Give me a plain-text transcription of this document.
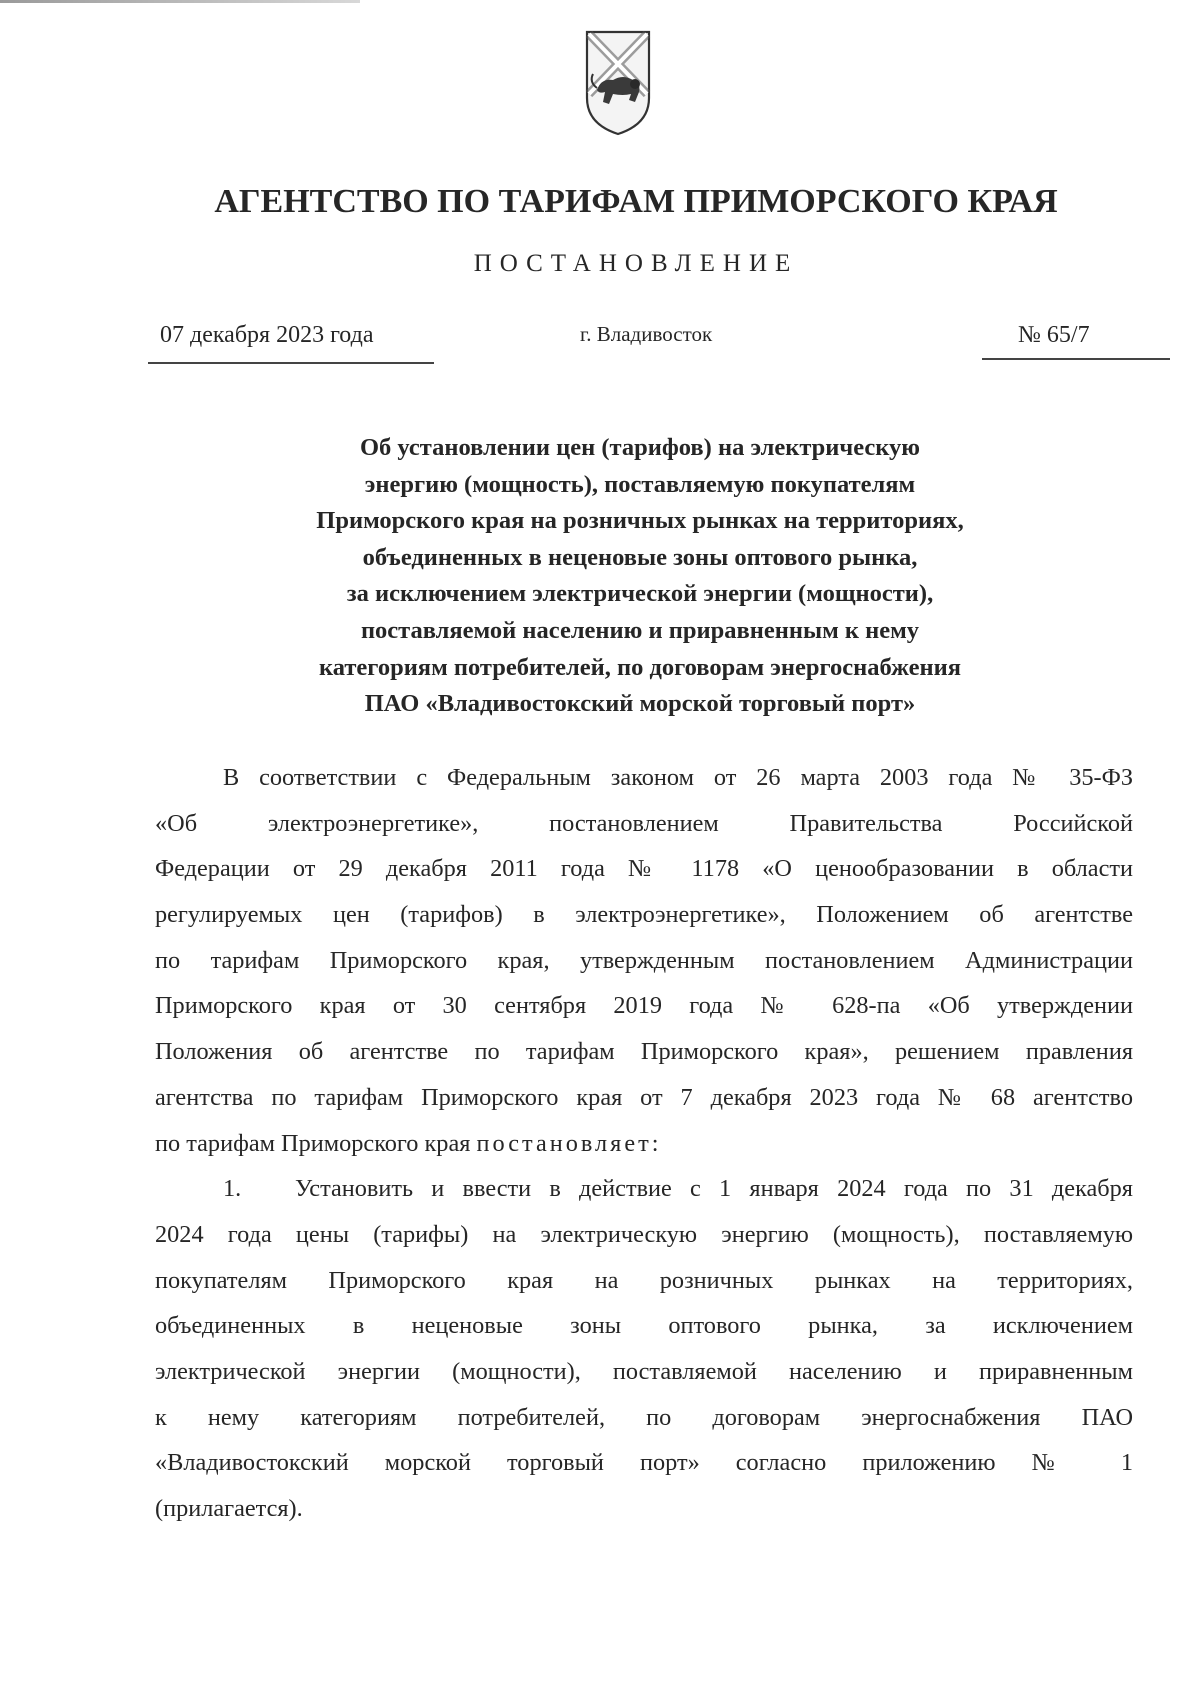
АГЕНТСТВО ПО ТАРИФАМ ПРИМОРСКОГО КРАЯ
ПОСТАНОВЛЕНИЕ
07 декабря 2023 года	г. Владивосток	№ 65/7
Об установлении цен (тарифов) на электрическую
энергию (мощность), поставляемую покупателям
Приморского края на розничных рынках на территориях,
объединенных в неценовые зоны оптового рынка,
за исключением электрической энергии (мощности),
поставляемой населению и приравненным к нему
категориям потребителей, по договорам энергоснабжения
ПАО «Владивостокский морской торговый порт»
В соответствии с Федеральным законом от 26 марта 2003 года № 35-ФЗ
«Об электроэнергетике», постановлением Правительства Российской
Федерации от 29 декабря 2011 года № 1178 «О ценообразовании в области
регулируемых цен (тарифов) в электроэнергетике», Положением об агентстве
по тарифам Приморского края, утвержденным постановлением Администрации
Приморского края от 30 сентября 2019 года № 628-па «Об утверждении
Положения об агентстве по тарифам Приморского края», решением правления
агентства по тарифам Приморского края от 7 декабря 2023 года № 68 агентство
по тарифам Приморского края постановляет:
1. Установить и ввести в действие с 1 января 2024 года по 31 декабря
2024 года цены (тарифы) на электрическую энергию (мощность), поставляемую
покупателям Приморского края на розничных рынках на территориях,
объединенных в неценовые зоны оптового рынка, за исключением
электрической энергии (мощности), поставляемой населению и приравненным
к нему категориям потребителей, по договорам энергоснабжения ПАО
«Владивостокский морской торговый порт» согласно приложению № 1
(прилагается).
